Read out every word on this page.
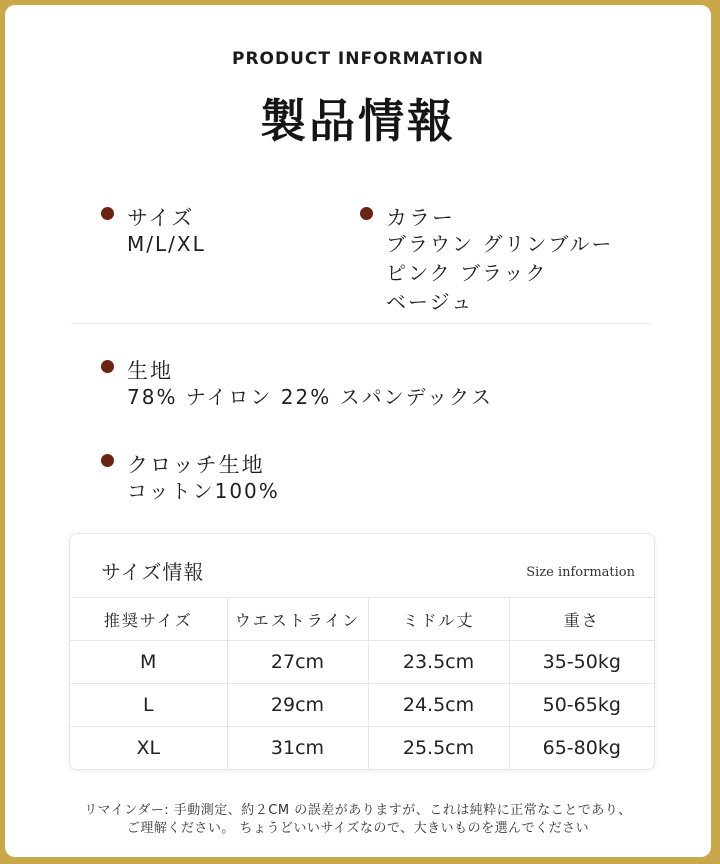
PRODUCT INFORMATION
製品情報
サイズ
M/L/XL
カラー
ブラウン グリンブルー
ピンク ブラック
ベージュ
生地
78% ナイロン 22% スパンデックス
クロッチ生地
コットン100%
サイズ情報	Size information
推奨サイズ	ウエストライン	ミドル丈	重さ
M	27cm	23.5cm	35-50kg
L	29cm	24.5cm	50-65kg
XL	31cm	25.5cm	65-80kg
リマインダー: 手動測定、約２CM の誤差がありますが、これは純粋に正常なことであり、
ご理解ください。 ちょうどいいサイズなので、大きいものを選んでください
